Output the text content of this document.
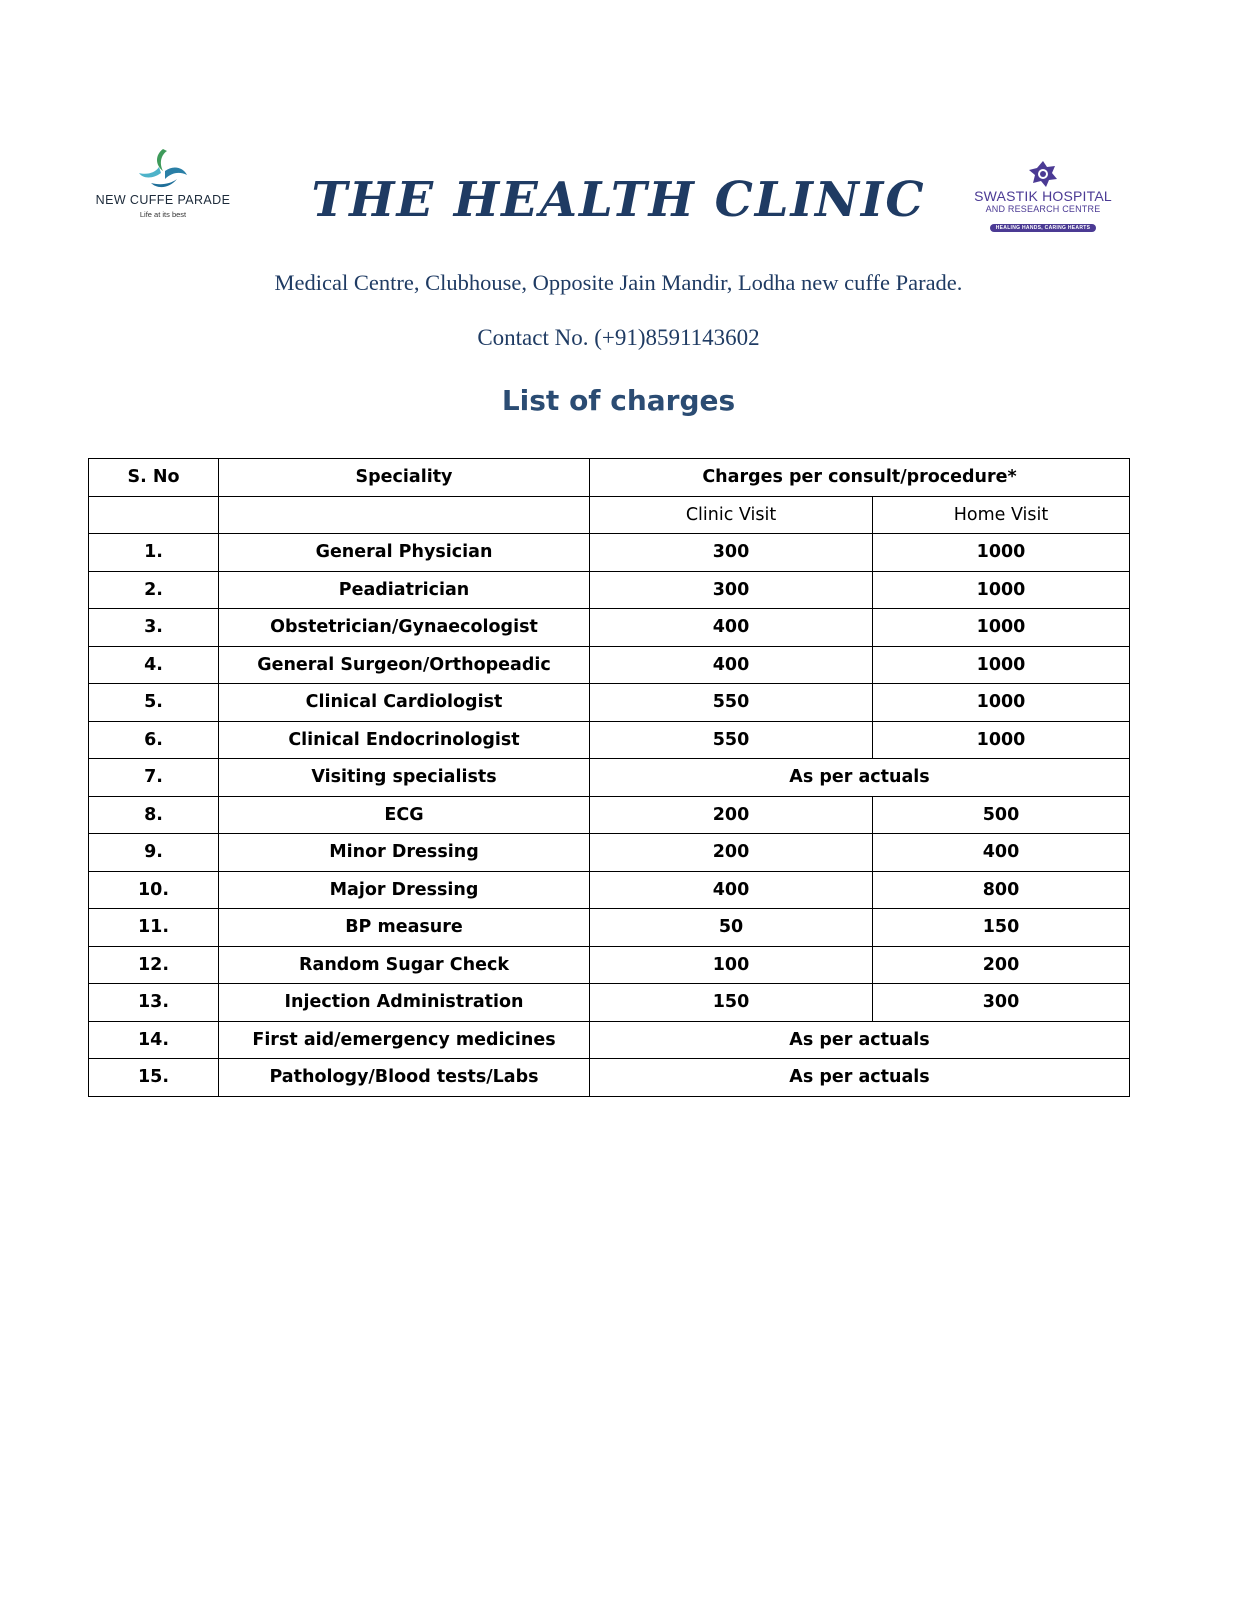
NEW CUFFE PARADE
Life at its best
SWASTIK HOSPITAL
AND RESEARCH CENTRE
HEALING HANDS, CARING HEARTS
THE HEALTH CLINIC
Medical Centre, Clubhouse, Opposite Jain Mandir, Lodha new cuffe Parade.
Contact No. (+91)8591143602
List of charges
S. No	Speciality	Charges per consult/procedure*	
		Clinic Visit	Home Visit
1.	General Physician	300	1000
2.	Peadiatrician	300	1000
3.	Obstetrician/Gynaecologist	400	1000
4.	General Surgeon/Orthopeadic	400	1000
5.	Clinical Cardiologist	550	1000
6.	Clinical Endocrinologist	550	1000
7.	Visiting specialists	As per actuals	
8.	ECG	200	500
9.	Minor Dressing	200	400
10.	Major Dressing	400	800
11.	BP measure	50	150
12.	Random Sugar Check	100	200
13.	Injection Administration	150	300
14.	First aid/emergency medicines	As per actuals	
15.	Pathology/Blood tests/Labs	As per actuals	
